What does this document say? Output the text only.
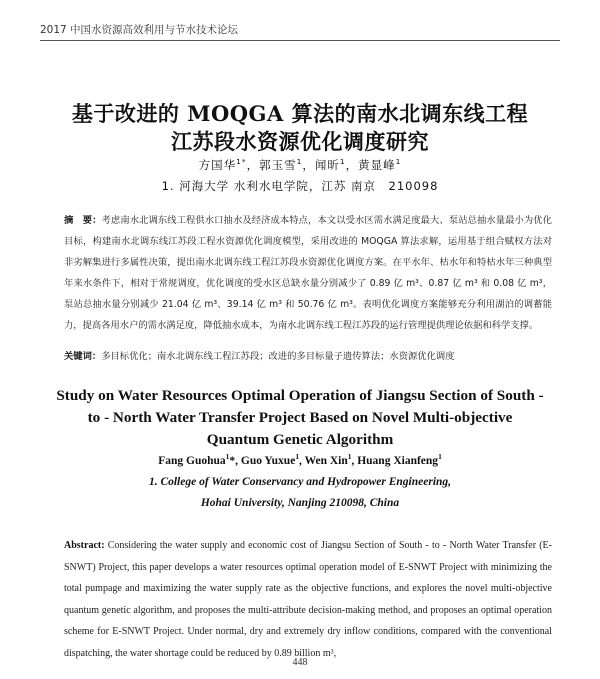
2017 中国水资源高效利用与节水技术论坛
基于改进的 MOQGA 算法的南水北调东线工程
江苏段水资源优化调度研究
方国华$^{1*}$，郭玉雪$^1$，闻昕$^1$，黄显峰$^1$
1. 河海大学 水利水电学院，江苏 南京　210098
摘　要：考虑南水北调东线工程供水口抽水及经济成本特点，本文以受水区需水满足度最大、泵站总抽水量最小为优化目标，构建南水北调东线江苏段工程水资源优化调度模型，采用改进的 MOQGA 算法求解，运用基于组合赋权方法对非劣解集进行多属性决策，提出南水北调东线工程江苏段水资源优化调度方案。在平水年、枯水年和特枯水年三种典型年来水条件下，相对于常规调度，优化调度的受水区总缺水量分别减少了 0.89 亿 m³、0.87 亿 m³ 和 0.08 亿 m³，泵站总抽水量分别减少 21.04 亿 m³、39.14 亿 m³ 和 50.76 亿 m³。表明优化调度方案能够充分利用湖泊的调蓄能力，提高各用水户的需水满足度，降低抽水成本，为南水北调东线工程江苏段的运行管理提供理论依据和科学支撑。
关键词：多目标优化；南水北调东线工程江苏段；改进的多目标量子遗传算法；水资源优化调度
Study on Water Resources Optimal Operation of Jiangsu Section of South -
to - North Water Transfer Project Based on Novel Multi-objective
Quantum Genetic Algorithm
Fang Guohua$^1$*, Guo Yuxue$^1$, Wen Xin$^1$, Huang Xianfeng$^1$
1. College of Water Conservancy and Hydropower Engineering,
Hohai University, Nanjing 210098, China
Abstract: Considering the water supply and economic cost of Jiangsu Section of South - to - North Water Transfer (E-SNWT) Project, this paper develops a water resources optimal operation model of E-SNWT Project with minimizing the total pumpage and maximizing the water supply rate as the objective functions, and explores the novel multi-objective quantum genetic algorithm, and proposes the multi-attribute decision-making method, and proposes an optimal operation scheme for E-SNWT Project. Under normal, dry and extremely dry inflow conditions, compared with the conventional dispatching, the water shortage could be reduced by 0.89 billion m³,
448
